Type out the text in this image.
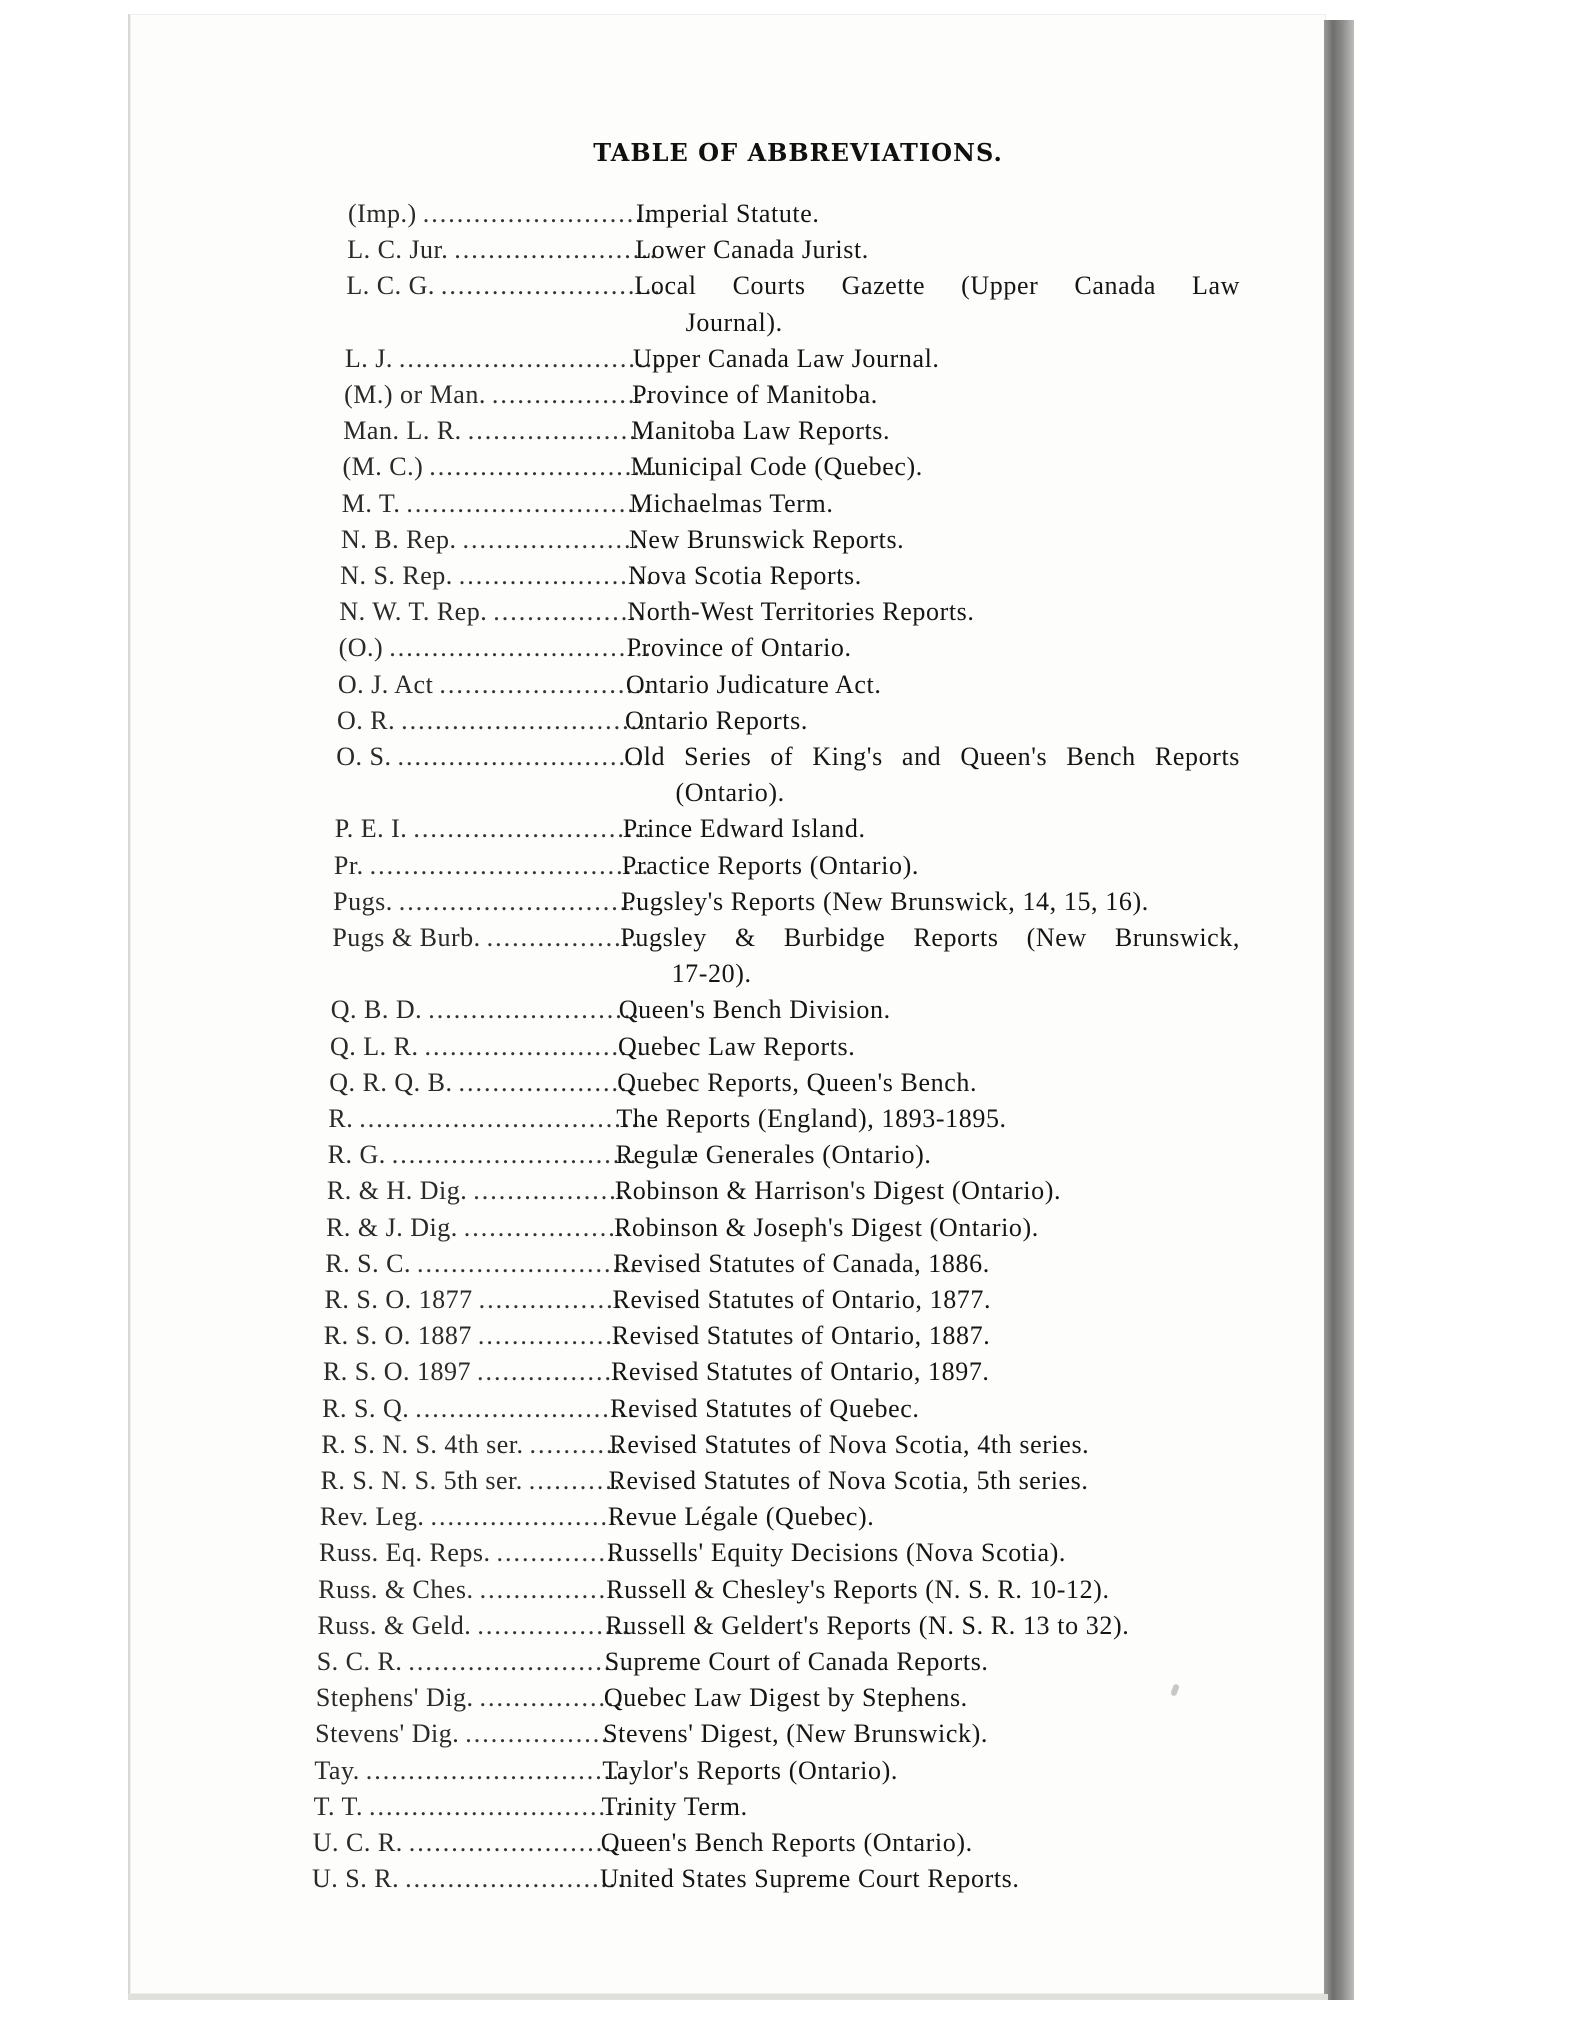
TABLE OF ABBREVIATIONS.
(Imp.) ............................
Imperial Statute.
L. C. Jur. ........................
Lower Canada Jurist.
L. C. G. ..........................
Local Courts Gazette (Upper Canada Law
Journal).
L. J. ...............................
Upper Canada Law Journal.
(M.) or Man. ...................
Province of Manitoba.
Man. L. R. ......................
Manitoba Law Reports.
(M. C.) ...........................
Municipal Code (Quebec).
M. T. .............................
Michaelmas Term.
N. B. Rep. ......................
New Brunswick Reports.
N. S. Rep. .......................
Nova Scotia Reports.
N. W. T. Rep. ..................
North-West Territories Reports.
(O.) ...............................
Province of Ontario.
O. J. Act .........................
Ontario Judicature Act.
O. R. .............................
Ontario Reports.
O. S. ..............................
Old Series of King's and Queen's Bench Reports
(Ontario).
P. E. I. ............................
Prince Edward Island.
Pr. .................................
Practice Reports (Ontario).
Pugs. .............................
Pugsley's Reports (New Brunswick, 14, 15, 16).
Pugs & Burb. ..................
Pugsley & Burbidge Reports (New Brunswick,
17-20).
Q. B. D. .........................
Queen's Bench Division.
Q. L. R. ..........................
Quebec Law Reports.
Q. R. Q. B. .....................
Quebec Reports, Queen's Bench.
R. ..................................
The Reports (England), 1893-1895.
R. G. .............................
Regulæ Generales (Ontario).
R. & H. Dig. ...................
Robinson & Harrison's Digest (Ontario).
R. & J. Dig. ....................
Robinson & Joseph's Digest (Ontario).
R. S. C. ..........................
Revised Statutes of Canada, 1886.
R. S. O. 1877 ..................
Revised Statutes of Ontario, 1877.
R. S. O. 1887 ..................
Revised Statutes of Ontario, 1887.
R. S. O. 1897 ..................
Revised Statutes of Ontario, 1897.
R. S. Q. ..........................
Revised Statutes of Quebec.
R. S. N. S. 4th ser. ...........
Revised Statutes of Nova Scotia, 4th series.
R. S. N. S. 5th ser. ...........
Revised Statutes of Nova Scotia, 5th series.
Rev. Leg. ........................
Revue Légale (Quebec).
Russ. Eq. Reps. ...............
Russells' Equity Decisions (Nova Scotia).
Russ. & Ches. .................
Russell & Chesley's Reports (N. S. R. 10-12).
Russ. & Geld. ..................
Russell & Geldert's Reports (N. S. R. 13 to 32).
S. C. R. ..........................
Supreme Court of Canada Reports.
Stephens' Dig. .................
Quebec Law Digest by Stephens.
Stevens' Dig. ...................
Stevens' Digest, (New Brunswick).
Tay. ...............................
Taylor's Reports (Ontario).
T. T. ...............................
Trinity Term.
U. C. R. ..........................
Queen's Bench Reports (Ontario).
U. S. R. ..........................
United States Supreme Court Reports.
